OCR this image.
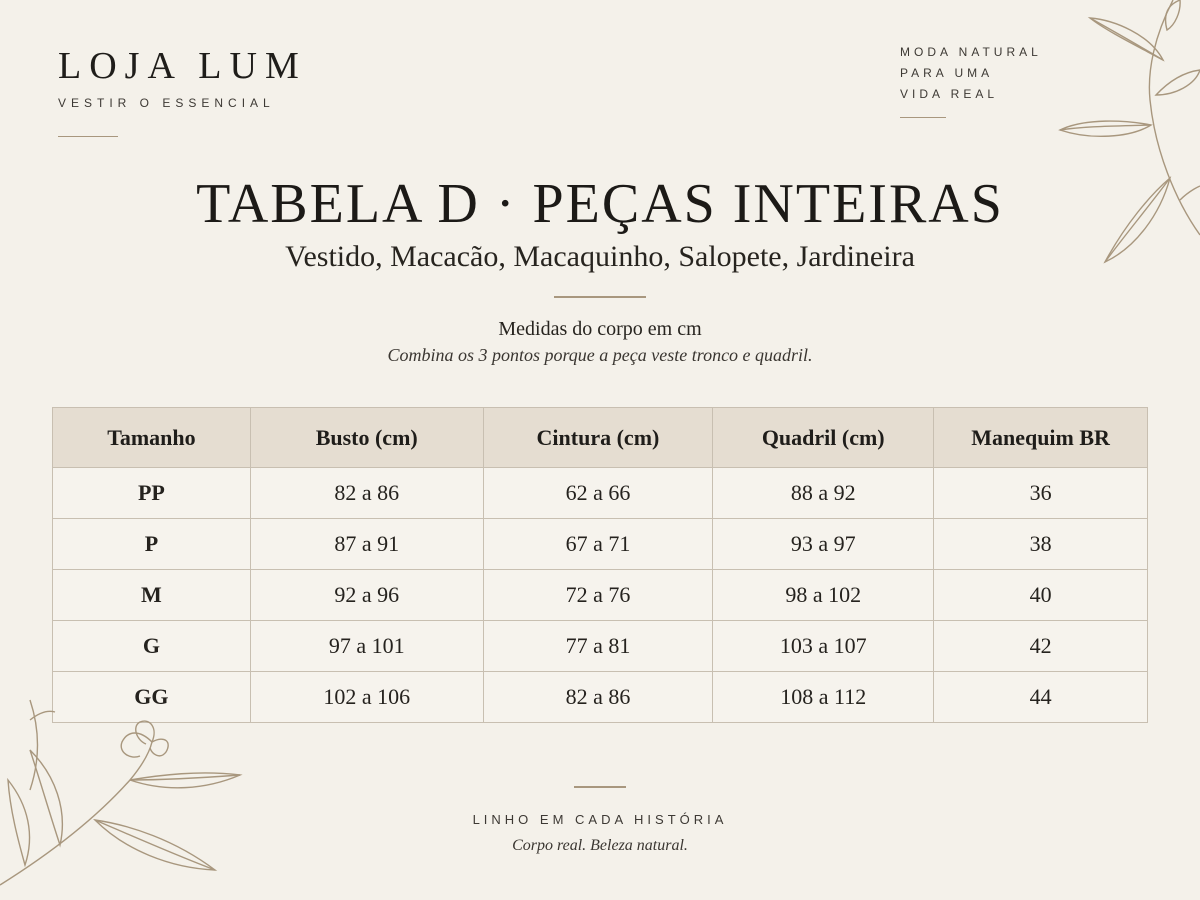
LOJA LUM
VESTIR O ESSENCIAL
MODA NATURAL
PARA UMA
VIDA REAL
TABELA D · PEÇAS INTEIRAS
Vestido, Macacão, Macaquinho, Salopete, Jardineira
Medidas do corpo em cm
Combina os 3 pontos porque a peça veste tronco e quadril.
Tamanho	Busto (cm)	Cintura (cm)	Quadril (cm)	Manequim BR
PP	82 a 86	62 a 66	88 a 92	36
P	87 a 91	67 a 71	93 a 97	38
M	92 a 96	72 a 76	98 a 102	40
G	97 a 101	77 a 81	103 a 107	42
GG	102 a 106	82 a 86	108 a 112	44
LINHO EM CADA HISTÓRIA
Corpo real. Beleza natural.
